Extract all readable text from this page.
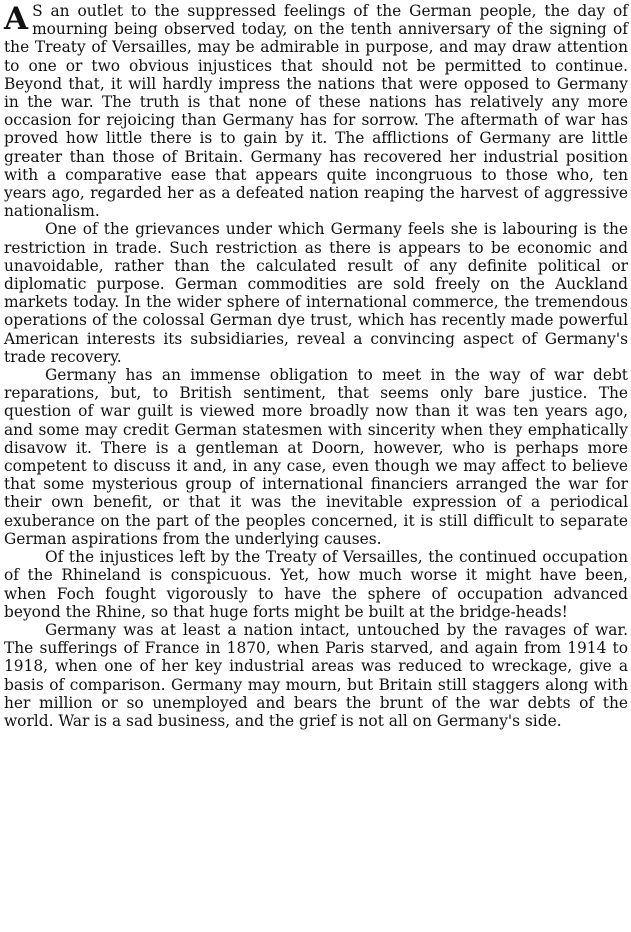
A S an outlet to the suppressed feelings of the German people, the day of mourning being observed today, on the tenth anniversary of the signing of the Treaty of Versailles, may be admirable in purpose, and may draw attention to one or two obvious injustices that should not be permitted to continue. Beyond that, it will hardly impress the nations that were opposed to Germany in the war. The truth is that none of these nations has relatively any more occasion for rejoicing than Germany has for sorrow. The aftermath of war has proved how little there is to gain by it. The afflictions of Germany are little greater than those of Britain. Germany has recovered her industrial position with a comparative ease that appears quite incongruous to those who, ten years ago, regarded her as a defeated nation reaping the harvest of aggressive nationalism.

One of the grievances under which Germany feels she is labouring is the restriction in trade. Such restriction as there is appears to be economic and unavoidable, rather than the calculated result of any definite political or diplomatic purpose. German commodities are sold freely on the Auckland markets today. In the wider sphere of international commerce, the tremendous operations of the colossal German dye trust, which has recently made powerful American interests its subsidiaries, reveal a convincing aspect of Germany's trade recovery.

Germany has an immense obligation to meet in the way of war debt reparations, but, to British sentiment, that seems only bare justice. The question of war guilt is viewed more broadly now than it was ten years ago, and some may credit German statesmen with sincerity when they emphatically disavow it. There is a gentleman at Doorn, however, who is perhaps more competent to discuss it and, in any case, even though we may affect to believe that some mysterious group of international financiers arranged the war for their own benefit, or that it was the inevitable expression of a periodical exuberance on the part of the peoples concerned, it is still difficult to separate German aspirations from the underlying causes.

Of the injustices left by the Treaty of Versailles, the continued occupation of the Rhineland is conspicuous. Yet, how much worse it might have been, when Foch fought vigorously to have the sphere of occupation advanced beyond the Rhine, so that huge forts might be built at the bridge-heads!

Germany was at least a nation intact, untouched by the ravages of war. The sufferings of France in 1870, when Paris starved, and again from 1914 to 1918, when one of her key industrial areas was reduced to wreckage, give a basis of comparison. Germany may mourn, but Britain still staggers along with her million or so unemployed and bears the brunt of the war debts of the world. War is a sad business, and the grief is not all on Germany's side.
